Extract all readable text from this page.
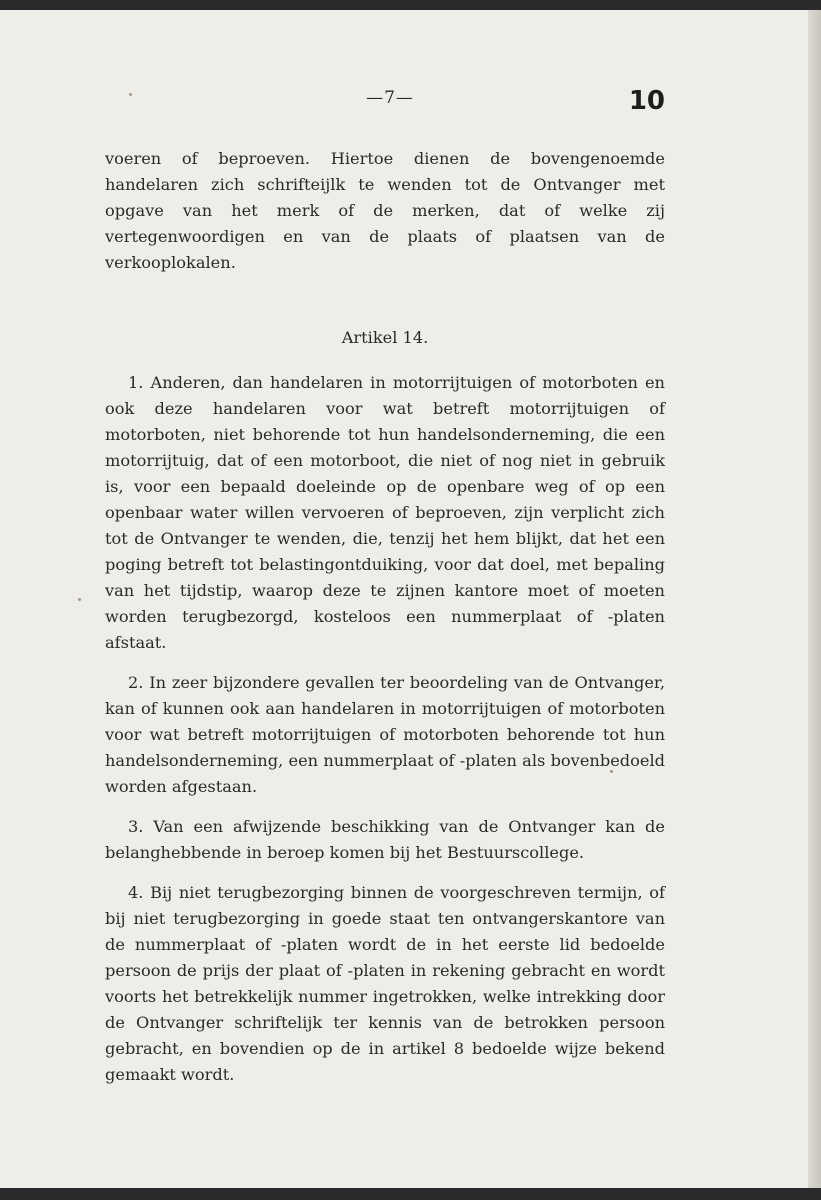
—7—	10

voeren of beproeven. Hiertoe dienen de bovengenoemde handelaren zich schrifteijlk te wenden tot de Ontvanger met opgave van het merk of de merken, dat of welke zij vertegenwoordigen en van de plaats of plaatsen van de verkooplokalen.

Artikel 14.

1. Anderen, dan handelaren in motorrijtuigen of motorboten en ook deze handelaren voor wat betreft motorrijtuigen of motorboten, niet behorende tot hun handelsonderneming, die een motorrijtuig, dat of een motorboot, die niet of nog niet in gebruik is, voor een bepaald doeleinde op de openbare weg of op een openbaar water willen vervoeren of beproeven, zijn verplicht zich tot de Ontvanger te wenden, die, tenzij het hem blijkt, dat het een poging betreft tot belastingontduiking, voor dat doel, met bepaling van het tijdstip, waarop deze te zijnen kantore moet of moeten worden terugbezorgd, kosteloos een nummerplaat of -platen afstaat.

2. In zeer bijzondere gevallen ter beoordeling van de Ontvanger, kan of kunnen ook aan handelaren in motorrijtuigen of motorboten voor wat betreft motorrijtuigen of motorboten behorende tot hun handelsonderneming, een nummerplaat of -platen als bovenbedoeld worden afgestaan.

3. Van een afwijzende beschikking van de Ontvanger kan de belanghebbende in beroep komen bij het Bestuurscollege.

4. Bij niet terugbezorging binnen de voorgeschreven termijn, of bij niet terugbezorging in goede staat ten ontvangerskantore van de nummerplaat of -platen wordt de in het eerste lid bedoelde persoon de prijs der plaat of -platen in rekening gebracht en wordt voorts het betrekkelijk nummer ingetrokken, welke intrekking door de Ontvanger schriftelijk ter kennis van de betrokken persoon gebracht, en bovendien op de in artikel 8 bedoelde wijze bekend gemaakt wordt.
